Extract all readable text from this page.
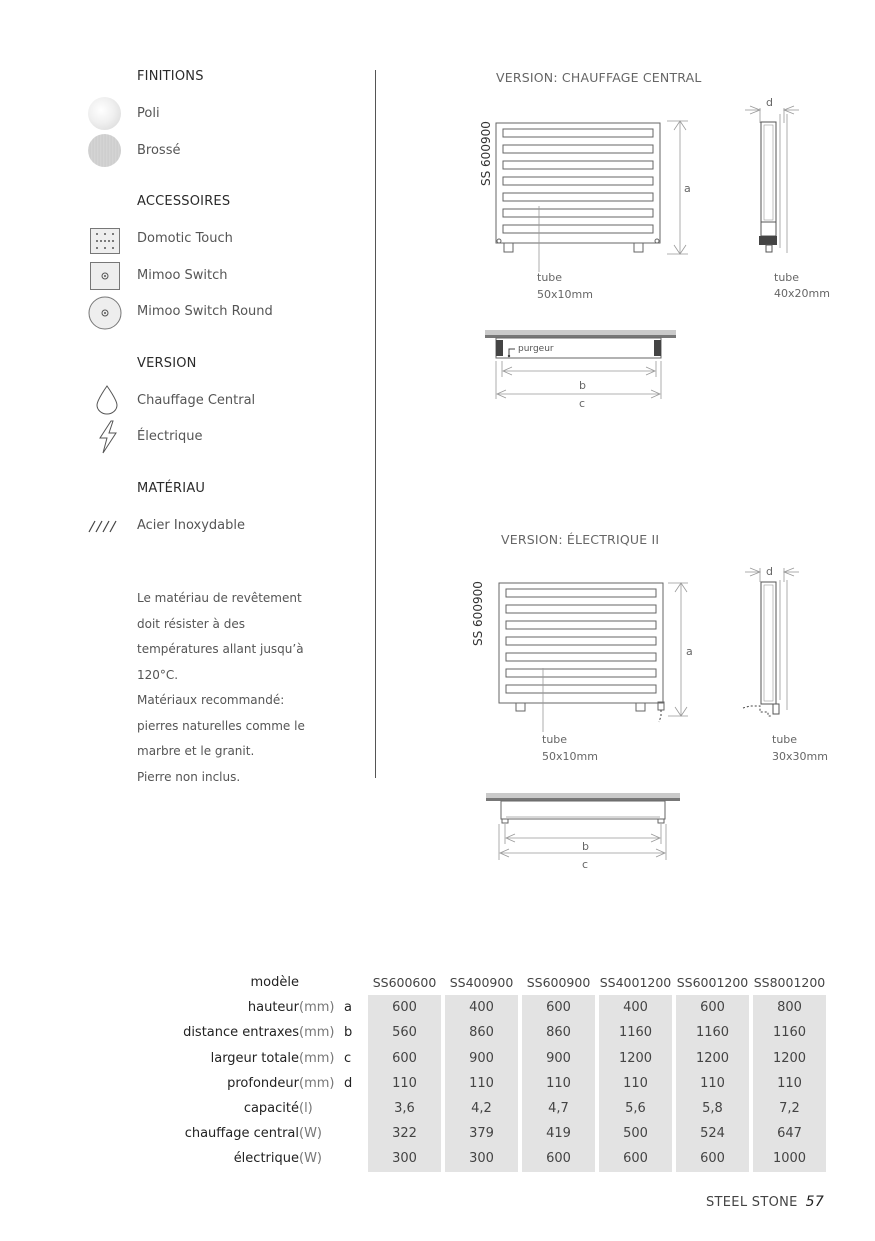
FINITIONS
Poli
Brossé
ACCESSOIRES
Domotic Touch
Mimoo Switch
Mimoo Switch Round
VERSION
Chauffage Central
Électrique
MATÉRIAU
Acier Inoxydable
Le matériau de revêtement
doit résister à des
températures allant jusqu’à
120°C.
Matériaux recommandé:
pierres naturelles comme le
marbre et le granit.
Pierre non inclus.
VERSION: CHAUFFAGE CENTRAL
SS 600900
a
tube
50x10mm
d
tube
40x20mm
purgeur
b
c
VERSION: ÉLECTRIQUE II
SS 600900
a
tube
50x10mm
d
tube
30x30mm
b
c
modèle			SS600600		SS400900		SS600900		SS4001200		SS6001200		SS8001200
hauteur	(mm)	a	600		400		600		400		600		800
distance entraxes	(mm)	b	560		860		860		1160		1160		1160
largeur totale	(mm)	c	600		900		900		1200		1200		1200
profondeur	(mm)	d	110		110		110		110		110		110
capacité	(l)		3,6		4,2		4,7		5,6		5,8		7,2
chauffage central	(W)		322		379		419		500		524		647
électrique	(W)		300		300		600		600		600		1000
STEEL STONE 57
